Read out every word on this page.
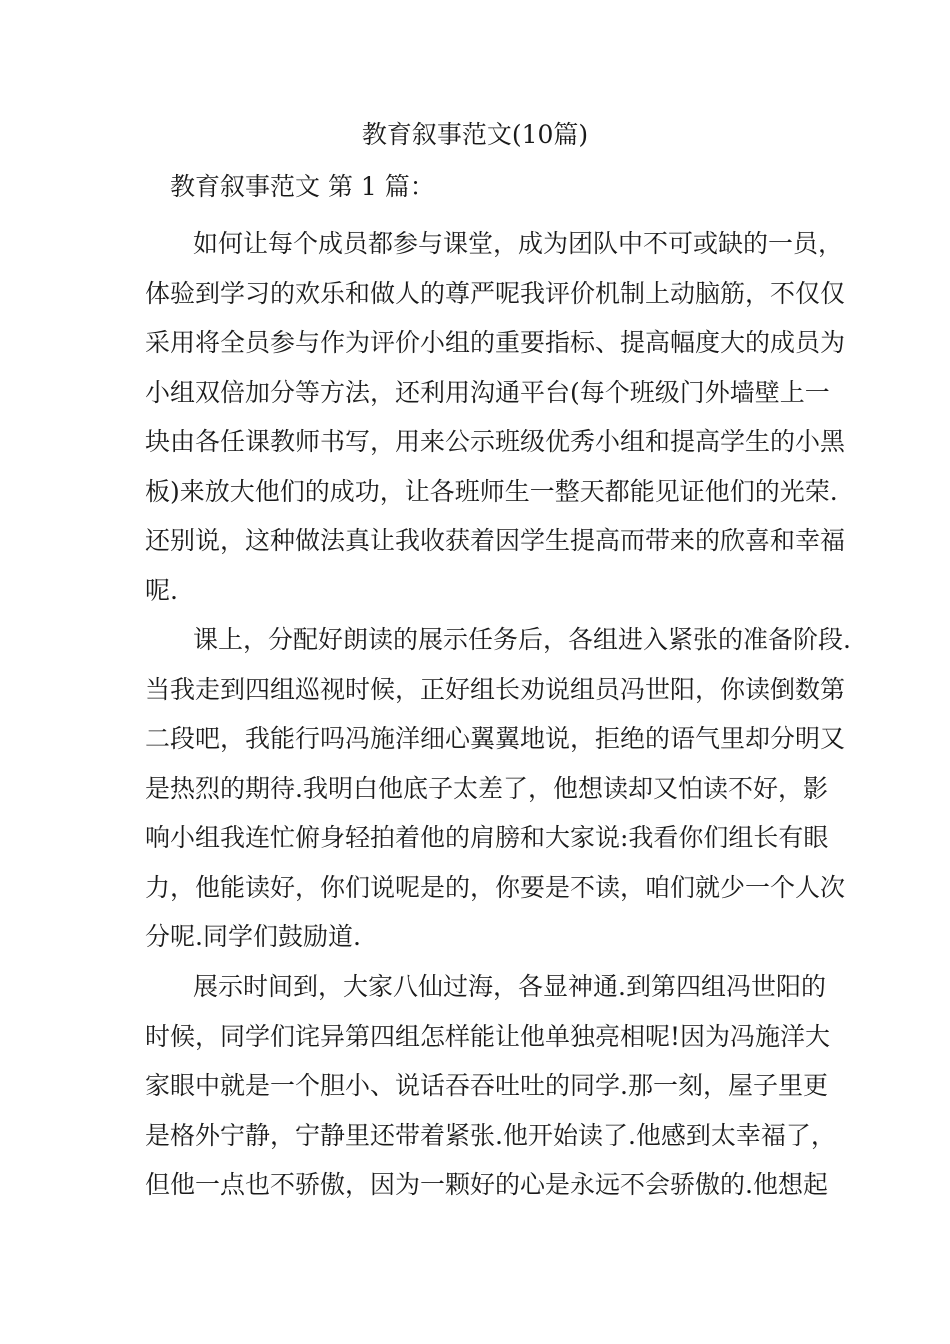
教育叙事范文(10篇)

教育叙事范文 第 1 篇：

如何让每个成员都参与课堂，成为团队中不可或缺的一员，
体验到学习的欢乐和做人的尊严呢我评价机制上动脑筋，不仅仅
采用将全员参与作为评价小组的重要指标、提高幅度大的成员为
小组双倍加分等方法，还利用沟通平台(每个班级门外墙壁上一
块由各任课教师书写，用来公示班级优秀小组和提高学生的小黑
板)来放大他们的成功，让各班师生一整天都能见证他们的光荣.
还别说，这种做法真让我收获着因学生提高而带来的欣喜和幸福
呢.
课上，分配好朗读的展示任务后，各组进入紧张的准备阶段.
当我走到四组巡视时候，正好组长劝说组员冯世阳，你读倒数第
二段吧，我能行吗冯施洋细心翼翼地说，拒绝的语气里却分明又
是热烈的期待.我明白他底子太差了，他想读却又怕读不好，影
响小组我连忙俯身轻拍着他的肩膀和大家说:我看你们组长有眼
力，他能读好，你们说呢是的，你要是不读，咱们就少一个人次
分呢.同学们鼓励道.
展示时间到，大家八仙过海，各显神通.到第四组冯世阳的
时候，同学们诧异第四组怎样能让他单独亮相呢!因为冯施洋大
家眼中就是一个胆小、说话吞吞吐吐的同学.那一刻，屋子里更
是格外宁静，宁静里还带着紧张.他开始读了.他感到太幸福了，
但他一点也不骄傲，因为一颗好的心是永远不会骄傲的.他想起
